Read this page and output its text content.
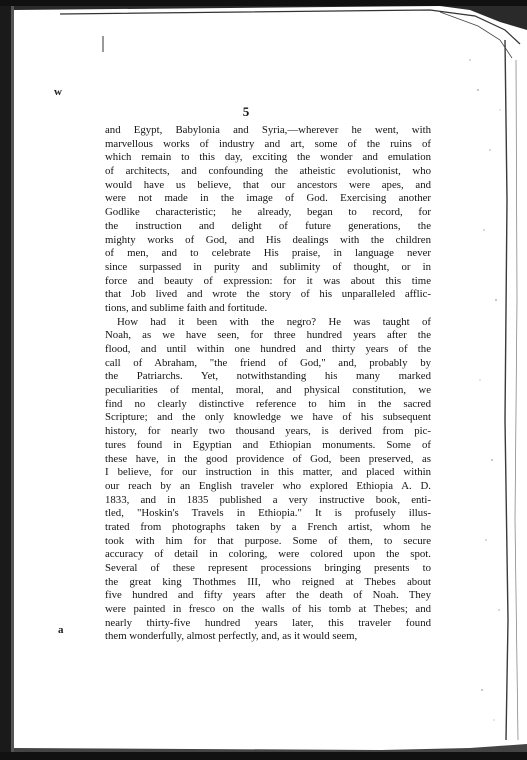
w
a
5
and Egypt, Babylonia and Syria,—wherever he went, with
marvellous works of industry and art, some of the ruins of
which remain to this day, exciting the wonder and emulation
of architects, and confounding the atheistic evolutionist, who
would have us believe, that our ancestors were apes, and
were not made in the image of God. Exercising another
Godlike characteristic; he already, began to record, for
the instruction and delight of future generations, the
mighty works of God, and His dealings with the children
of men, and to celebrate His praise, in language never
since surpassed in purity and sublimity of thought, or in
force and beauty of expression: for it was about this time
that Job lived and wrote the story of his unparalleled afflic-
tions, and sublime faith and fortitude.
How had it been with the negro? He was taught of
Noah, as we have seen, for three hundred years after the
flood, and until within one hundred and thirty years of the
call of Abraham, "the friend of God," and, probably by
the Patriarchs. Yet, notwithstanding his many marked
peculiarities of mental, moral, and physical constitution, we
find no clearly distinctive reference to him in the sacred
Scripture; and the only knowledge we have of his subsequent
history, for nearly two thousand years, is derived from pic-
tures found in Egyptian and Ethiopian monuments. Some of
these have, in the good providence of God, been preserved, as
I believe, for our instruction in this matter, and placed within
our reach by an English traveler who explored Ethiopia A. D.
1833, and in 1835 published a very instructive book, enti-
tled, "Hoskin's Travels in Ethiopia." It is profusely illus-
trated from photographs taken by a French artist, whom he
took with him for that purpose. Some of them, to secure
accuracy of detail in coloring, were colored upon the spot.
Several of these represent processions bringing presents to
the great king Thothmes III, who reigned at Thebes about
five hundred and fifty years after the death of Noah. They
were painted in fresco on the walls of his tomb at Thebes; and
nearly thirty-five hundred years later, this traveler found
them wonderfully, almost perfectly, and, as it would seem,
